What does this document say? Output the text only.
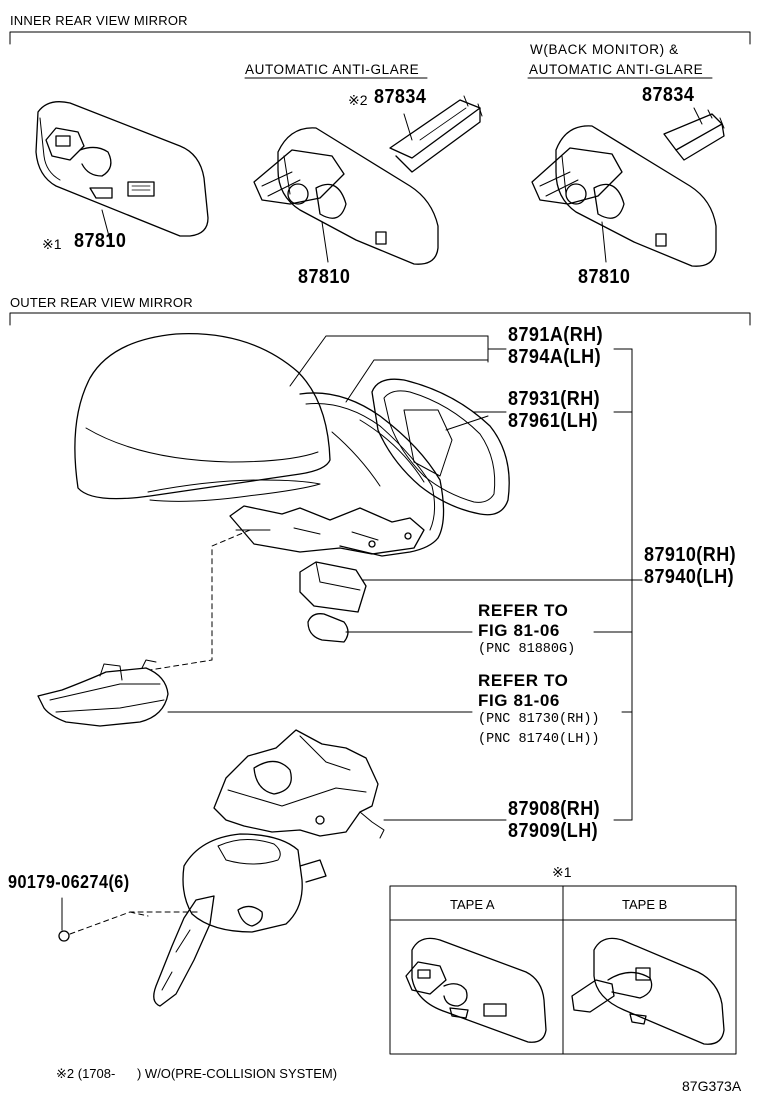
INNER REAR VIEW MIRROR
OUTER REAR VIEW MIRROR
AUTOMATIC ANTI-GLARE
W(BACK MONITOR) &
AUTOMATIC ANTI-GLARE
※1 87810
※2 87834
87810
87834
87810
8791A(RH)
8794A(LH)
87931(RH)
87961(LH)
87910(RH)
87940(LH)
REFER TO
FIG 81-06
(PNC 81880G)
REFER TO
FIG 81-06
(PNC 81730(RH))
(PNC 81740(LH))
87908(RH)
87909(LH)
90179-06274(6)	※1
TAPE A	TAPE B
※2 (1708-      ) W/O(PRE-COLLISION SYSTEM)
87G373A
